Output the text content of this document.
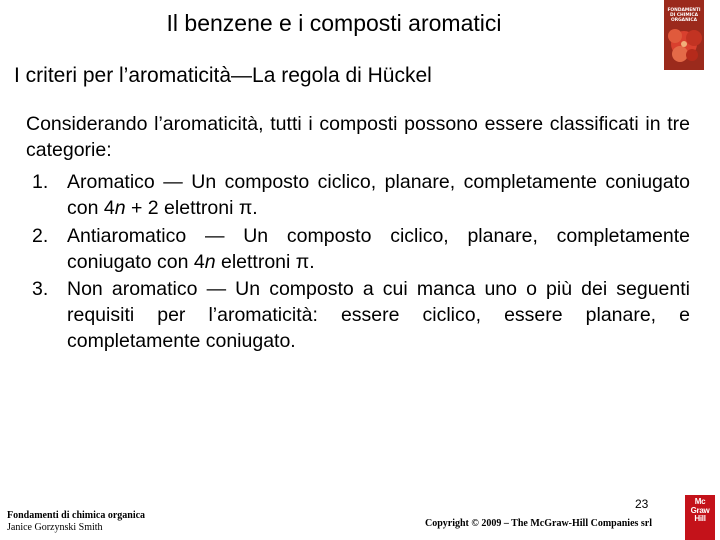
Il benzene e i composti aromatici	FONDAMENTI
DI CHIMICA
ORGANICA
I criteri per l’aromaticità—La regola di Hückel

Considerando l’aromaticità, tutti i composti possono essere classificati in tre categorie:

1. Aromatico — Un composto ciclico, planare, completamente coniugato con 4n + 2 elettroni π.
2. Antiaromatico — Un composto ciclico, planare, completamente coniugato con 4n elettroni π.
3. Non aromatico — Un composto a cui manca uno o più dei seguenti requisiti per l’aromaticità: essere ciclico, essere planare, e completamente coniugato.
Fondamenti di chimica organica
Janice Gorzynski Smith
23
Copyright © 2009 – The McGraw-Hill Companies srl
Mc
Graw
Hill
